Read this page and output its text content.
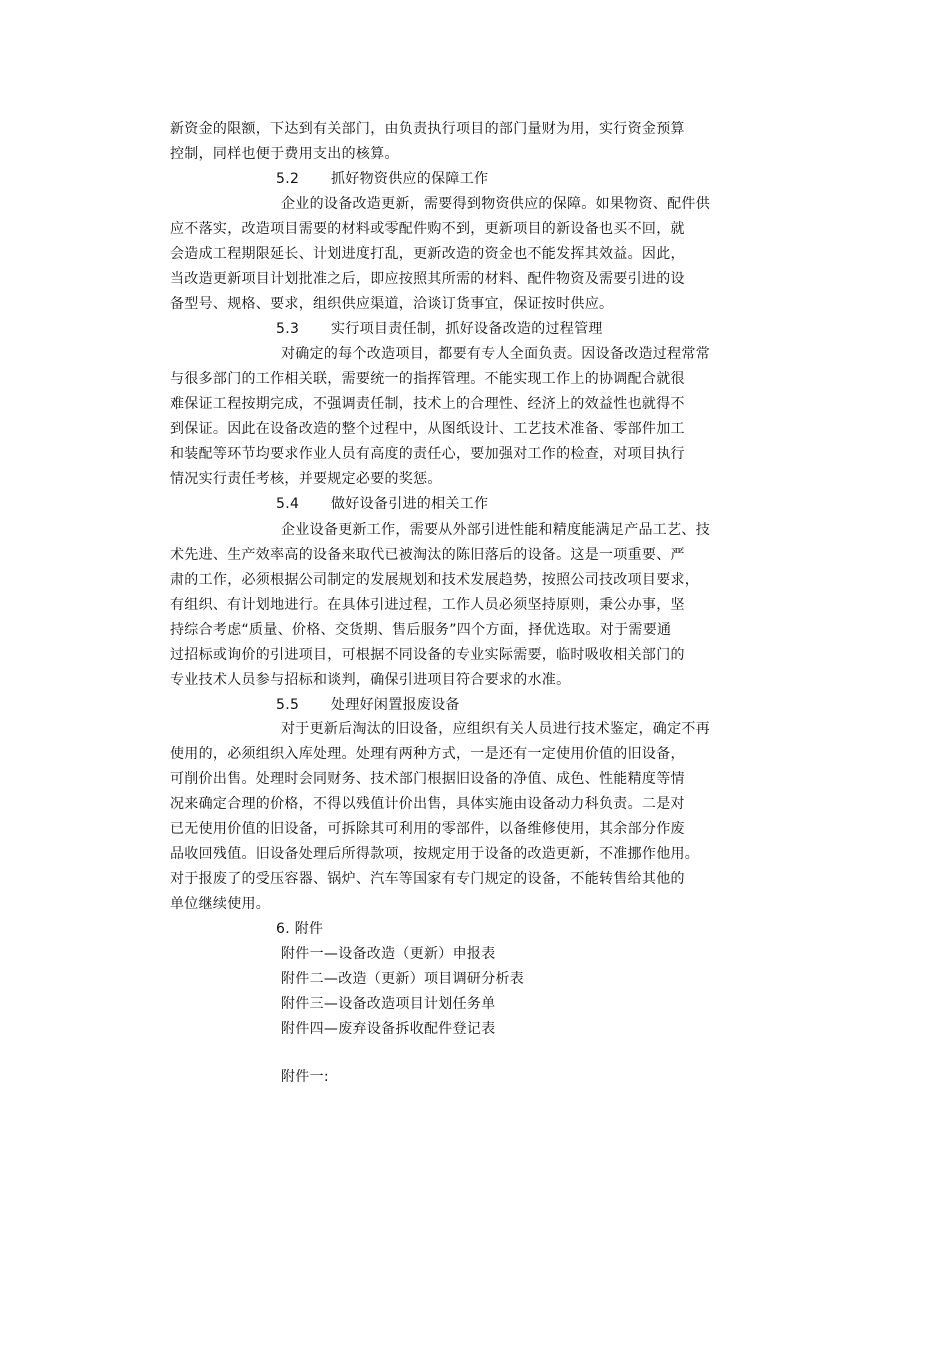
新资金的限额，下达到有关部门，由负责执行项目的部门量财为用，实行资金预算
控制，同样也便于费用支出的核算。
5.2 抓好物资供应的保障工作
企业的设备改造更新，需要得到物资供应的保障。如果物资、配件供
应不落实，改造项目需要的材料或零配件购不到，更新项目的新设备也买不回，就
会造成工程期限延长、计划进度打乱，更新改造的资金也不能发挥其效益。因此，
当改造更新项目计划批准之后，即应按照其所需的材料、配件物资及需要引进的设
备型号、规格、要求，组织供应渠道，洽谈订货事宜，保证按时供应。
5.3 实行项目责任制，抓好设备改造的过程管理
对确定的每个改造项目，都要有专人全面负责。因设备改造过程常常
与很多部门的工作相关联，需要统一的指挥管理。不能实现工作上的协调配合就很
难保证工程按期完成，不强调责任制，技术上的合理性、经济上的效益性也就得不
到保证。因此在设备改造的整个过程中，从图纸设计、工艺技术准备、零部件加工
和装配等环节均要求作业人员有高度的责任心，要加强对工作的检查，对项目执行
情况实行责任考核，并要规定必要的奖惩。
5.4 做好设备引进的相关工作
企业设备更新工作，需要从外部引进性能和精度能满足产品工艺、技
术先进、生产效率高的设备来取代已被淘汰的陈旧落后的设备。这是一项重要、严
肃的工作，必须根据公司制定的发展规划和技术发展趋势，按照公司技改项目要求，
有组织、有计划地进行。在具体引进过程，工作人员必须坚持原则，秉公办事，坚
持综合考虑“质量、价格、交货期、售后服务”四个方面，择优选取。对于需要通
过招标或询价的引进项目，可根据不同设备的专业实际需要，临时吸收相关部门的
专业技术人员参与招标和谈判，确保引进项目符合要求的水准。
5.5 处理好闲置报废设备
对于更新后淘汰的旧设备，应组织有关人员进行技术鉴定，确定不再
使用的，必须组织入库处理。处理有两种方式，一是还有一定使用价值的旧设备，
可削价出售。处理时会同财务、技术部门根据旧设备的净值、成色、性能精度等情
况来确定合理的价格，不得以残值计价出售，具体实施由设备动力科负责。二是对
已无使用价值的旧设备，可拆除其可利用的零部件，以备维修使用，其余部分作废
品收回残值。旧设备处理后所得款项，按规定用于设备的改造更新，不准挪作他用。
对于报废了的受压容器、锅炉、汽车等国家有专门规定的设备，不能转售给其他的
单位继续使用。
6. 附件
附件一—设备改造（更新）申报表
附件二—改造（更新）项目调研分析表
附件三—设备改造项目计划任务单
附件四—废弃设备拆收配件登记表
附件一:
